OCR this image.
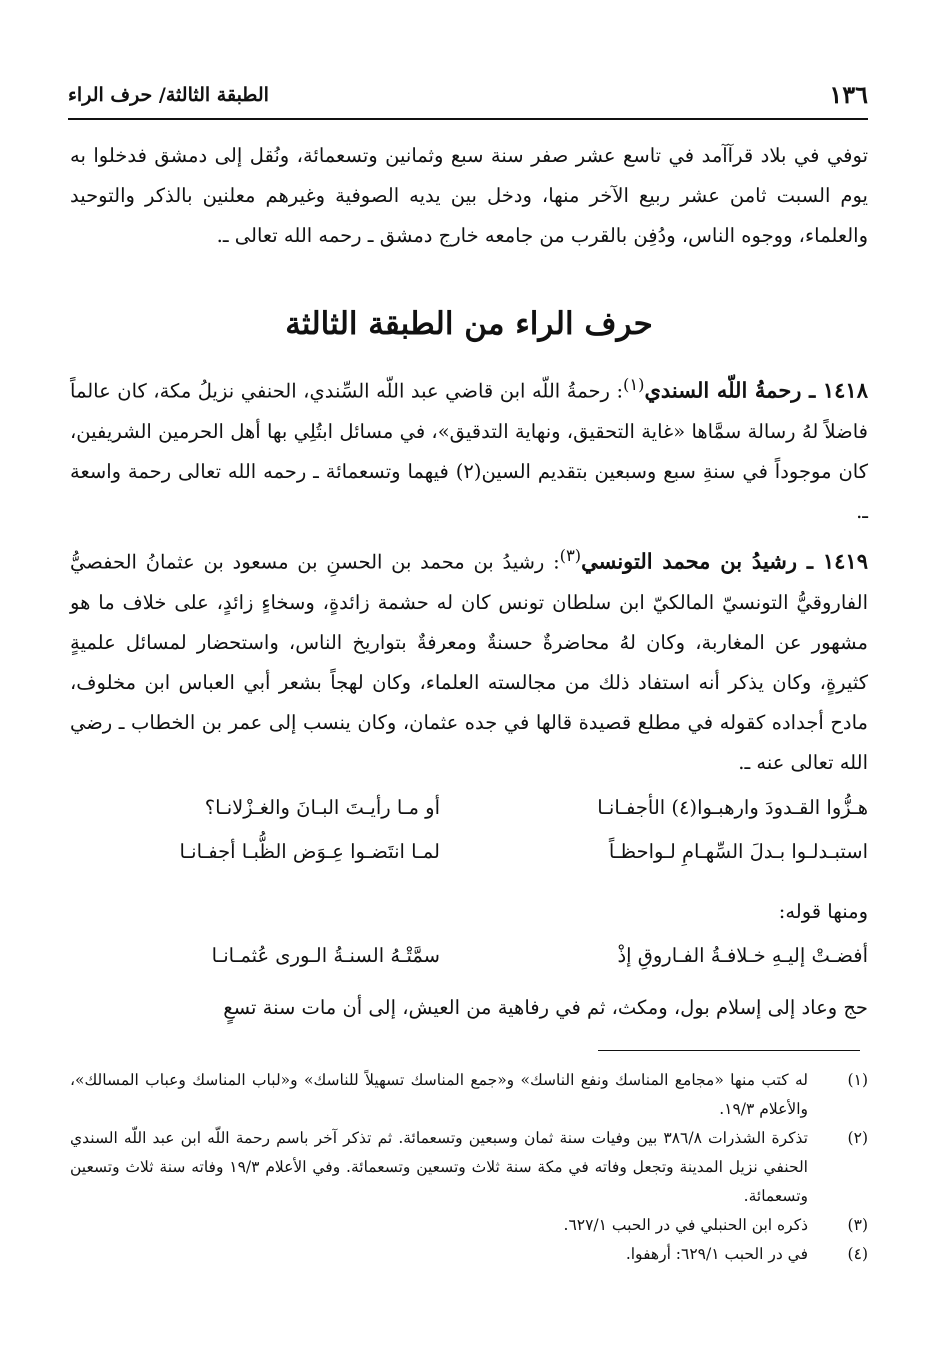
١٣٦
الطبقة الثالثة/ حرف الراء

توفي في بلاد قرآآمد في تاسع عشر صفر سنة سبع وثمانين وتسعمائة، ونُقل إلى دمشق فدخلوا به يوم السبت ثامن عشر ربيع الآخر منها، ودخل بين يديه الصوفية وغيرهم معلنين بالذكر والتوحيد والعلماء، ووجوه الناس، ودُفِن بالقرب من جامعه خارج دمشق ـ رحمه الله تعالى ـ.

حرف الراء من الطبقة الثالثة

١٤١٨ ـ رحمةُ اللّه السندي$^{(١)}$: رحمةُ اللّه ابن قاضي عبد اللّه السِّندي، الحنفي نزيلُ مكة، كان عالماً فاضلاً لهُ رسالة سمَّاها «غاية التحقيق، ونهاية التدقيق»، في مسائل ابتُلِي بها أهل الحرمين الشريفين، كان موجوداً في سنةِ سبع وسبعين بتقديم السين(٢) فيهما وتسعمائة ـ رحمه الله تعالى رحمة واسعة ـ.

١٤١٩ ـ رشيدُ بن محمد التونسي$^{(٣)}$: رشيدُ بن محمد بن الحسنِ بن مسعود بن عثمانُ الحفصيُّ الفاروقيُّ التونسيّ المالكيّ ابن سلطان تونس كان له حشمة زائدةٍ، وسخاءٍ زائدٍ، على خلاف ما هو مشهور عن المغاربة، وكان لهُ محاضرةٌ حسنةٌ ومعرفةٌ بتواريخ الناس، واستحضار لمسائل علميةٍ كثيرةٍ، وكان يذكر أنه استفاد ذلك من مجالسته العلماء، وكان لهجاً بشعر أبي العباس ابن مخلوف، مادح أجداده كقوله في مطلع قصيدة قالها في جده عثمان، وكان ينسب إلى عمر بن الخطاب ـ رضي الله تعالى عنه ـ.

هـزُّوا القـدودَ وارهبـوا(٤) الأجفـانـا
أو مـا رأيـتَ البـانَ والغـزْلانـا؟
استبـدلـوا بـدلَ السِّهـامِ لـواحظـاً
لمـا انتَضـوا عِـوَض الظُّبـا أجفـانـا
ومنها قوله:
أفضـتْ إليـهِ خـلافـةُ الفـاروقِ إذْ
سمَّتْـهُ السنـةُ الـورى عُثمـانـا
حج وعاد إلى إسلام بول، ومكث، ثم في رفاهية من العيش، إلى أن مات سنة تسعٍ
(١)
له كتب منها «مجامع المناسك ونفع الناسك» و«جمع المناسك تسهيلاً للناسك» و«لباب المناسك وعباب المسالك»، والأعلام ١٩/٣.
(٢)
تذكرة الشذرات ٣٨٦/٨ بين وفيات سنة ثمان وسبعين وتسعمائة. ثم تذكر آخر باسم رحمة اللّه ابن عبد اللّه السندي الحنفي نزيل المدينة وتجعل وفاته في مكة سنة ثلاث وتسعين وتسعمائة. وفي الأعلام ١٩/٣ وفاته سنة ثلاث وتسعين وتسعمائة.
(٣)
ذكره ابن الحنبلي في در الحبب ٦٢٧/١.
(٤)
في در الحبب ٦٢٩/١: أرهفوا.
